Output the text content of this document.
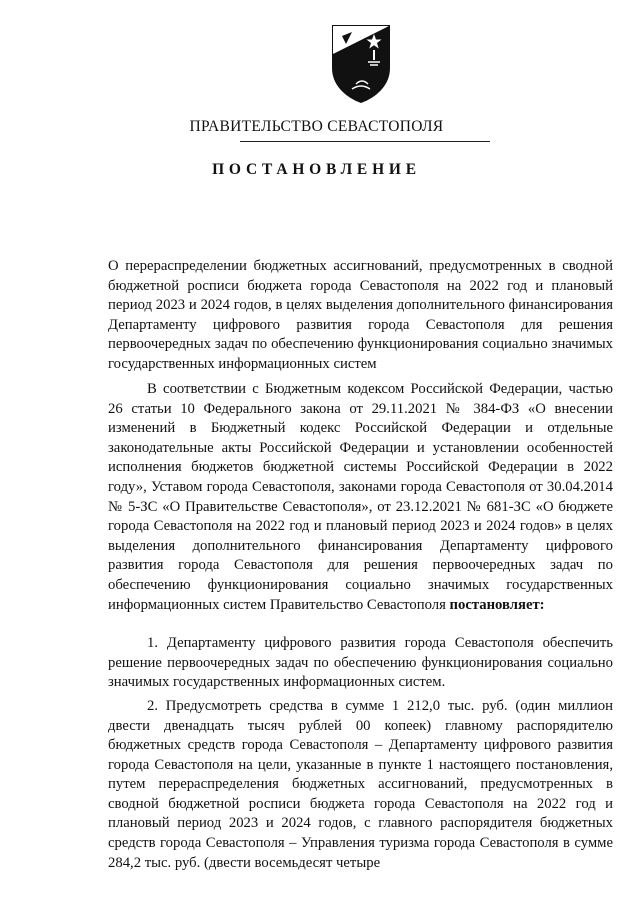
ПРАВИТЕЛЬСТВО СЕВАСТОПОЛЯ
ПОСТАНОВЛЕНИЕ
О перераспределении бюджетных ассигнований, предусмотренных в сводной бюджетной росписи бюджета города Севастополя на 2022 год и плановый период 2023 и 2024 годов, в целях выделения дополнительного финансирования Департаменту цифрового развития города Севастополя для решения первоочередных задач по обеспечению функционирования социально значимых государственных информационных систем

В соответствии с Бюджетным кодексом Российской Федерации, частью 26 статьи 10 Федерального закона от 29.11.2021 № 384-ФЗ «О внесении изменений в Бюджетный кодекс Российской Федерации и отдельные законодательные акты Российской Федерации и установлении особенностей исполнения бюджетов бюджетной системы Российской Федерации в 2022 году», Уставом города Севастополя, законами города Севастополя от 30.04.2014 № 5-ЗС «О Правительстве Севастополя», от 23.12.2021 № 681-ЗС «О бюджете города Севастополя на 2022 год и плановый период 2023 и 2024 годов» в целях выделения дополнительного финансирования Департаменту цифрового развития города Севастополя для решения первоочередных задач по обеспечению функционирования социально значимых государственных информационных систем Правительство Севастополя постановляет:

1. Департаменту цифрового развития города Севастополя обеспечить решение первоочередных задач по обеспечению функционирования социально значимых государственных информационных систем.

2. Предусмотреть средства в сумме 1 212,0 тыс. руб. (один миллион двести двенадцать тысяч рублей 00 копеек) главному распорядителю бюджетных средств города Севастополя – Департаменту цифрового развития города Севастополя на цели, указанные в пункте 1 настоящего постановления, путем перераспределения бюджетных ассигнований, предусмотренных в сводной бюджетной росписи бюджета города Севастополя на 2022 год и плановый период 2023 и 2024 годов, с главного распорядителя бюджетных средств города Севастополя – Управления туризма города Севастополя в сумме 284,2 тыс. руб. (двести восемьдесят четыре
